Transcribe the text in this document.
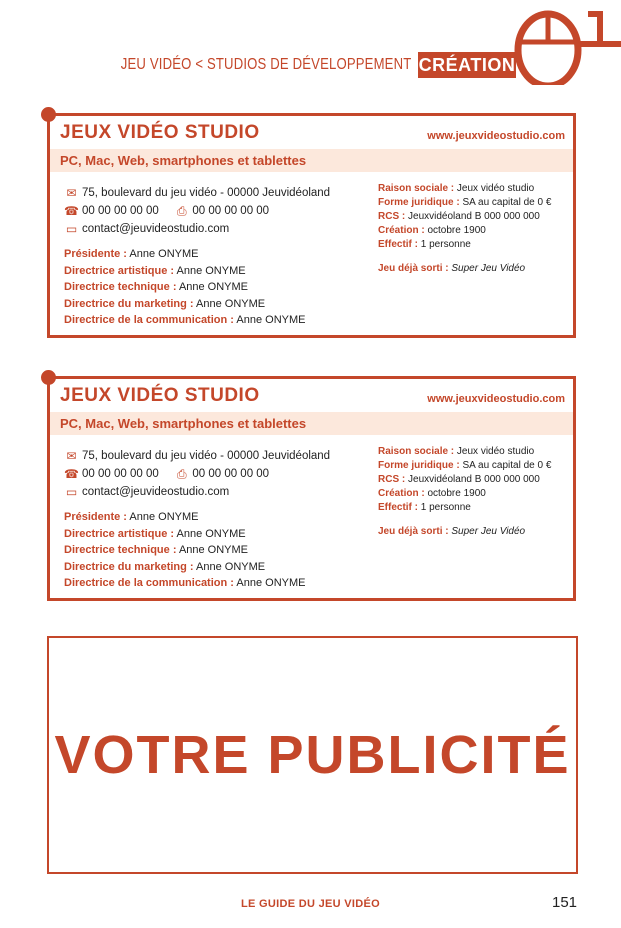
JEU VIDÉO < STUDIOS DE DÉVELOPPEMENT CRÉATION
JEUX VIDÉO STUDIO	www.jeuxvideostudio.com
PC, Mac, Web, smartphones et tablettes
✉ 75, boulevard du jeu vidéo - 00000 Jeuvidéoland
☎ 00 00 00 00 00
⎙ 00 00 00 00 00
▭ contact@jeuvideostudio.com
Présidente : Anne ONYME
Directrice artistique : Anne ONYME
Directrice technique : Anne ONYME
Directrice du marketing : Anne ONYME
Directrice de la communication : Anne ONYME
Raison sociale : Jeux vidéo studio
Forme juridique : SA au capital de 0 €
RCS : Jeuxvidéoland B 000 000 000
Création : octobre 1900
Effectif : 1 personne
Jeu déjà sorti : Super Jeu Vidéo
JEUX VIDÉO STUDIO	www.jeuxvideostudio.com
PC, Mac, Web, smartphones et tablettes
✉ 75, boulevard du jeu vidéo - 00000 Jeuvidéoland
☎ 00 00 00 00 00
⎙ 00 00 00 00 00
▭ contact@jeuvideostudio.com
Présidente : Anne ONYME
Directrice artistique : Anne ONYME
Directrice technique : Anne ONYME
Directrice du marketing : Anne ONYME
Directrice de la communication : Anne ONYME
Raison sociale : Jeux vidéo studio
Forme juridique : SA au capital de 0 €
RCS : Jeuxvidéoland B 000 000 000
Création : octobre 1900
Effectif : 1 personne
Jeu déjà sorti : Super Jeu Vidéo
VOTRE PUBLICITÉ
LE GUIDE DU JEU VIDÉO	151
